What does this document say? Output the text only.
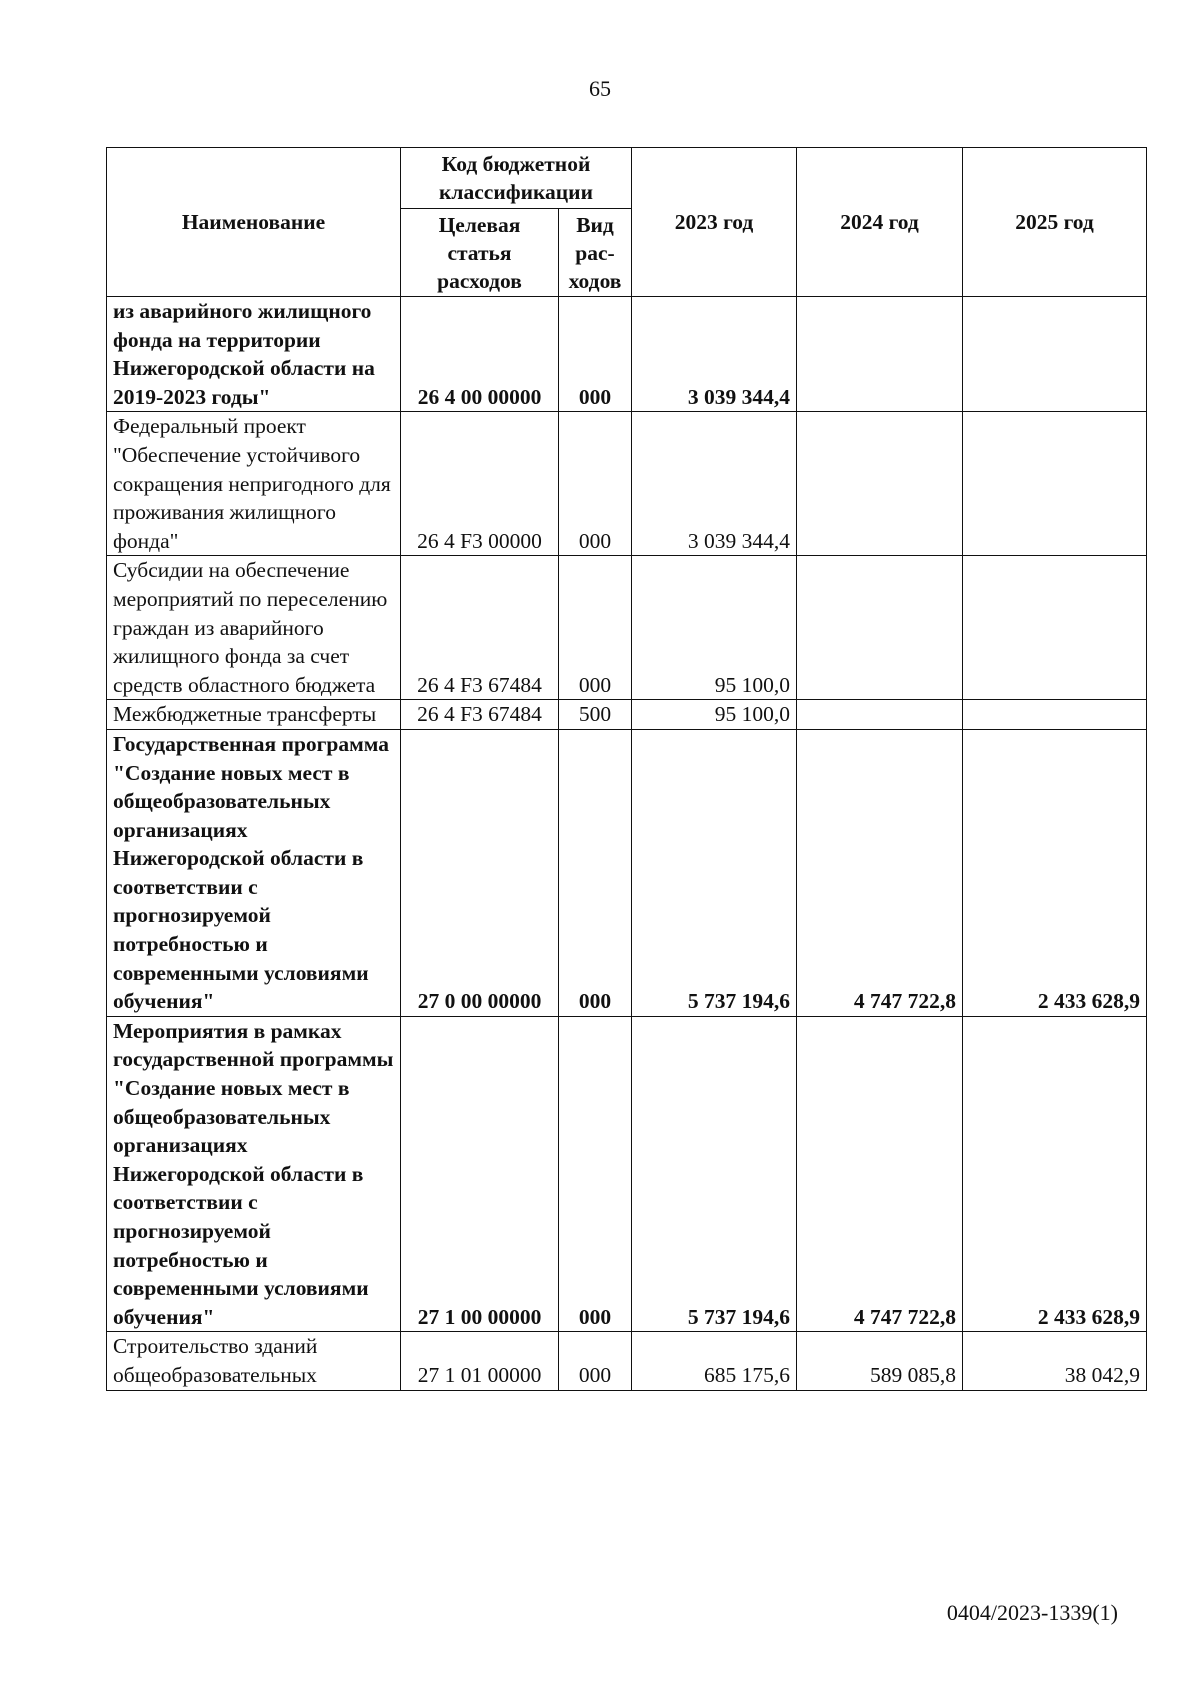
65
Наименование	Код бюджетной классификации		2023 год	2024 год	2025 год
	Целевая статья расходов	Вид рас-ходов			
из аварийного жилищного фонда на территории Нижегородской области на 2019-2023 годы"	26 4 00 00000	000	3 039 344,4		
Федеральный проект "Обеспечение устойчивого сокращения непригодного для проживания жилищного фонда"	26 4 F3 00000	000	3 039 344,4		
Субсидии на обеспечение мероприятий по переселению граждан из аварийного жилищного фонда за счет средств областного бюджета	26 4 F3 67484	000	95 100,0		
Межбюджетные трансферты	26 4 F3 67484	500	95 100,0		
Государственная программа "Создание новых мест в общеобразовательных организациях Нижегородской области в соответствии с прогнозируемой потребностью и современными условиями обучения"	27 0 00 00000	000	5 737 194,6	4 747 722,8	2 433 628,9
Мероприятия в рамках государственной программы "Создание новых мест в общеобразовательных организациях Нижегородской области в соответствии с прогнозируемой потребностью и современными условиями обучения"	27 1 00 00000	000	5 737 194,6	4 747 722,8	2 433 628,9
Строительство зданий общеобразовательных	27 1 01 00000	000	685 175,6	589 085,8	38 042,9
0404/2023-1339(1)
